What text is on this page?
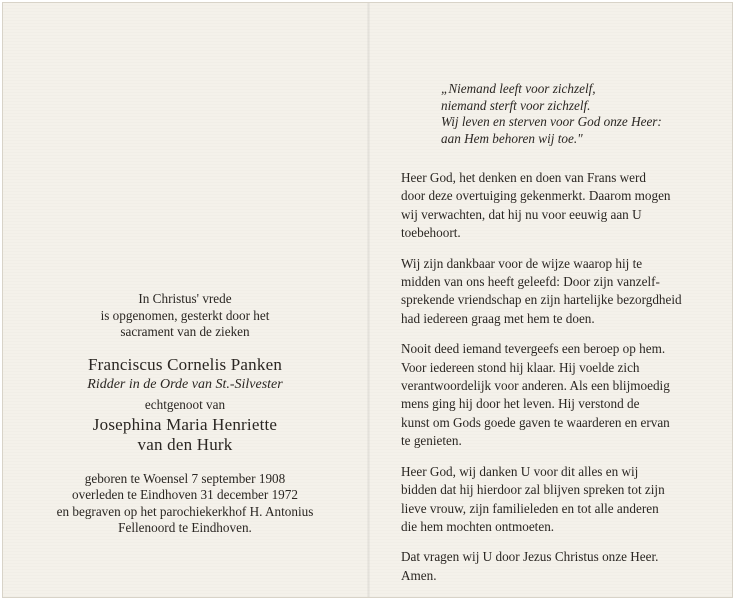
In Christus' vrede
is opgenomen, gesterkt door het
sacrament van de zieken
Franciscus Cornelis Panken
Ridder in de Orde van St.-Silvester
echtgenoot van
Josephina Maria Henriette
van den Hurk
geboren te Woensel 7 september 1908
overleden te Eindhoven 31 december 1972
en begraven op het parochiekerkhof H. Antonius
Fellenoord te Eindhoven.
„Niemand leeft voor zichzelf,
niemand sterft voor zichzelf.
Wij leven en sterven voor God onze Heer:
aan Hem behoren wij toe."
Heer God, het denken en doen van Frans werd
door deze overtuiging gekenmerkt. Daarom mogen
wij verwachten, dat hij nu voor eeuwig aan U
toebehoort.
Wij zijn dankbaar voor de wijze waarop hij te
midden van ons heeft geleefd: Door zijn vanzelf-
sprekende vriendschap en zijn hartelijke bezorgdheid
had iedereen graag met hem te doen.
Nooit deed iemand tevergeefs een beroep op hem.
Voor iedereen stond hij klaar. Hij voelde zich
verantwoordelijk voor anderen. Als een blijmoedig
mens ging hij door het leven. Hij verstond de
kunst om Gods goede gaven te waarderen en ervan
te genieten.
Heer God, wij danken U voor dit alles en wij
bidden dat hij hierdoor zal blijven spreken tot zijn
lieve vrouw, zijn familieleden en tot alle anderen
die hem mochten ontmoeten.
Dat vragen wij U door Jezus Christus onze Heer.
Amen.
